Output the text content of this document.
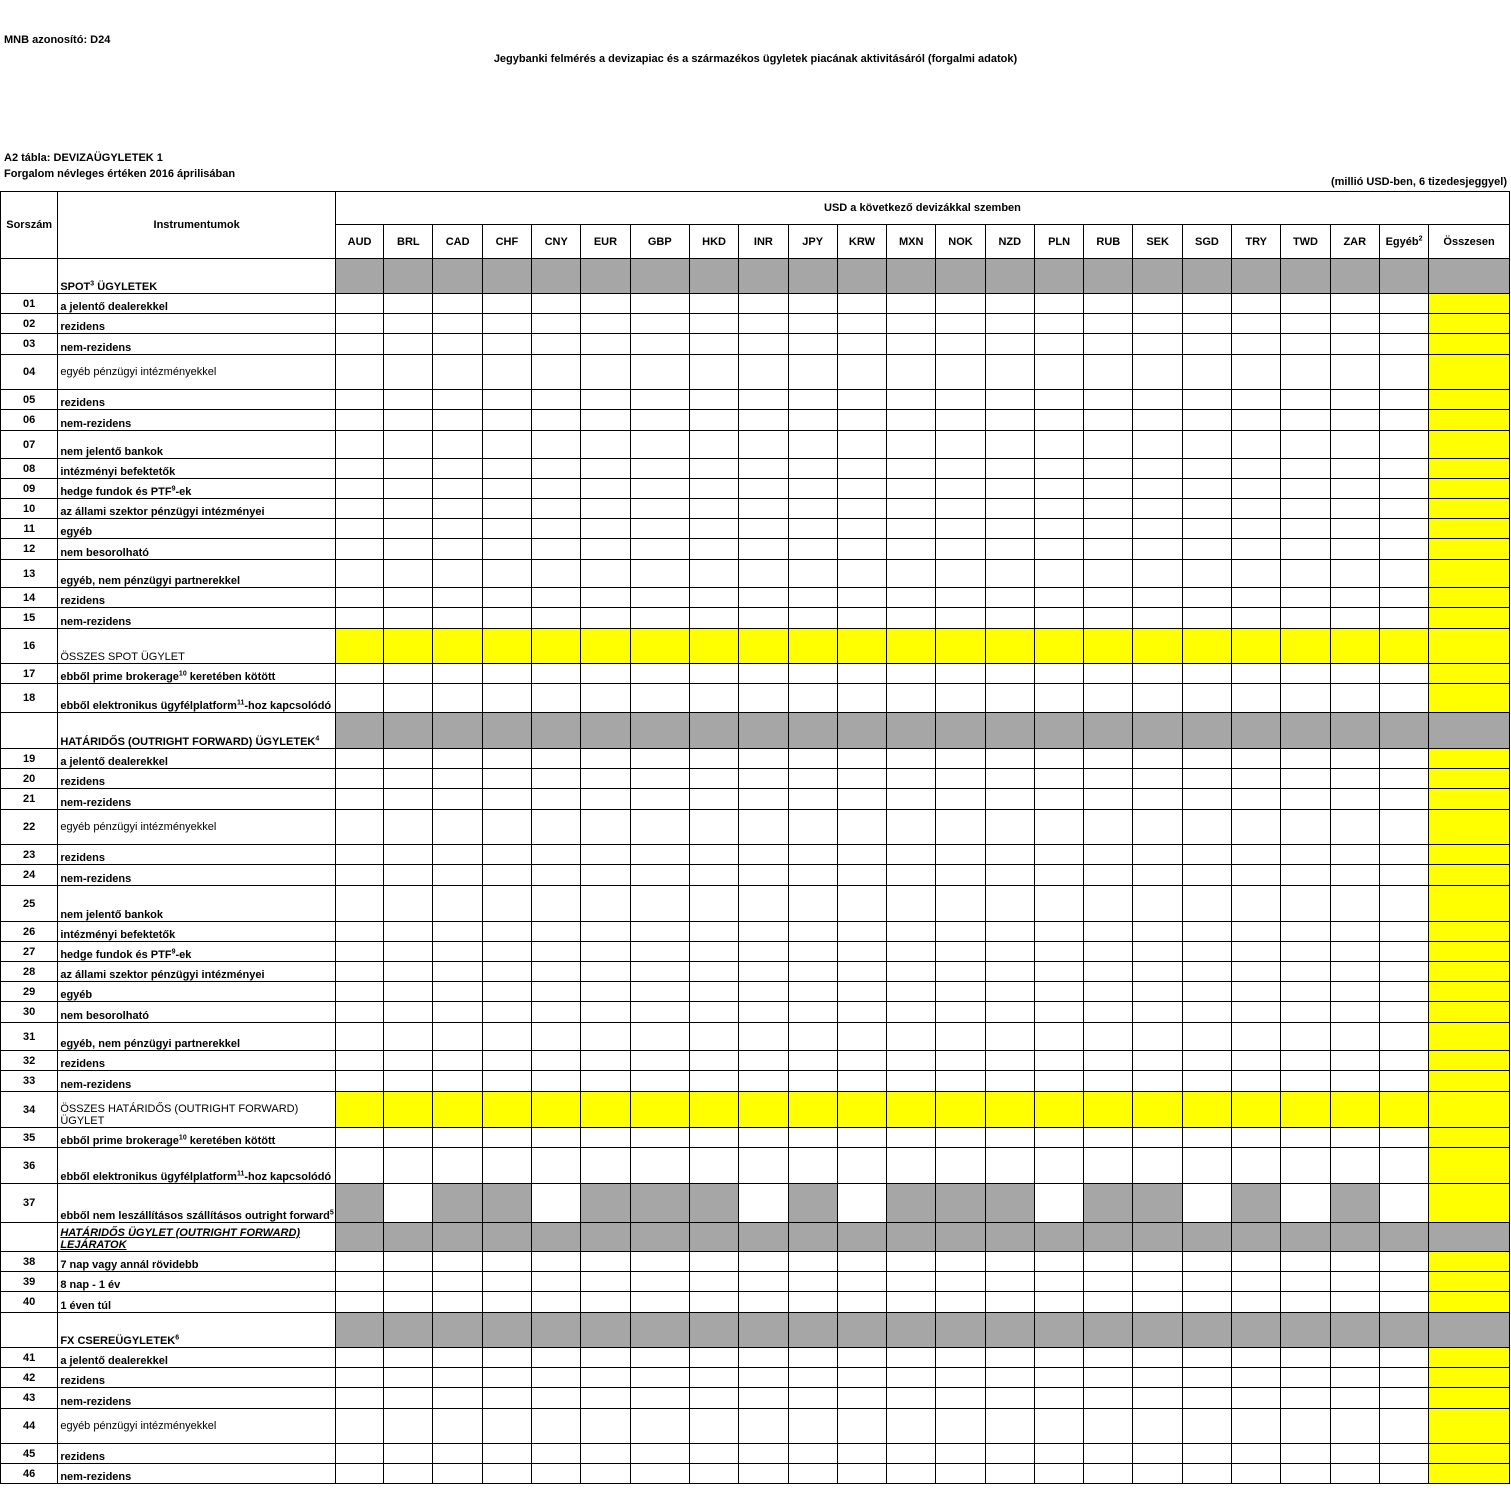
MNB azonosító: D24
Jegybanki felmérés a devizapiac és a származékos ügyletek piacának aktivitásáról (forgalmi adatok)
A2 tábla: DEVIZAÜGYLETEK 1
Forgalom névleges értéken 2016 áprilisában
(millió USD-ben, 6 tizedesjeggyel)
Sorszám	Instrumentumok	USD a következő devizákkal szemben																						
		AUD	BRL	CAD	CHF	CNY	EUR	GBP	HKD	INR	JPY	KRW	MXN	NOK	NZD	PLN	RUB	SEK	SGD	TRY	TWD	ZAR	Egyéb$^2$	Összesen
	SPOT$^3$ ÜGYLETEK																							
01	a jelentő dealerekkel																							
02	rezidens																							
03	nem-rezidens																							
04	egyéb pénzügyi intézményekkel																							
05	rezidens																							
06	nem-rezidens																							
07	nem jelentő bankok																							
08	intézményi befektetők																							
09	hedge fundok és PTF$^9$-ek																							
10	az állami szektor pénzügyi intézményei																							
11	egyéb																							
12	nem besorolható																							
13	egyéb, nem pénzügyi partnerekkel																							
14	rezidens																							
15	nem-rezidens																							
16	ÖSSZES SPOT ÜGYLET																							
17	ebből prime brokerage$^{10}$ keretében kötött																							
18	ebből elektronikus ügyfélplatform$^{11}$-hoz kapcsolódó																							
	HATÁRIDŐS (OUTRIGHT FORWARD) ÜGYLETEK$^4$																							
19	a jelentő dealerekkel																							
20	rezidens																							
21	nem-rezidens																							
22	egyéb pénzügyi intézményekkel																							
23	rezidens																							
24	nem-rezidens																							
25	nem jelentő bankok																							
26	intézményi befektetők																							
27	hedge fundok és PTF$^9$-ek																							
28	az állami szektor pénzügyi intézményei																							
29	egyéb																							
30	nem besorolható																							
31	egyéb, nem pénzügyi partnerekkel																							
32	rezidens																							
33	nem-rezidens																							
34	ÖSSZES HATÁRIDŐS (OUTRIGHT FORWARD) ÜGYLET																							
35	ebből prime brokerage$^{10}$ keretében kötött																							
36	ebből elektronikus ügyfélplatform$^{11}$-hoz kapcsolódó																							
37	ebből nem leszállításos szállításos outright forward$^5$																							
	HATÁRIDŐS ÜGYLET (OUTRIGHT FORWARD) LEJÁRATOK																							
38	7 nap vagy annál rövidebb																							
39	8 nap - 1 év																							
40	1 éven túl																							
	FX CSEREÜGYLETEK$^6$																							
41	a jelentő dealerekkel																							
42	rezidens																							
43	nem-rezidens																							
44	egyéb pénzügyi intézményekkel																							
45	rezidens																							
46	nem-rezidens																							
